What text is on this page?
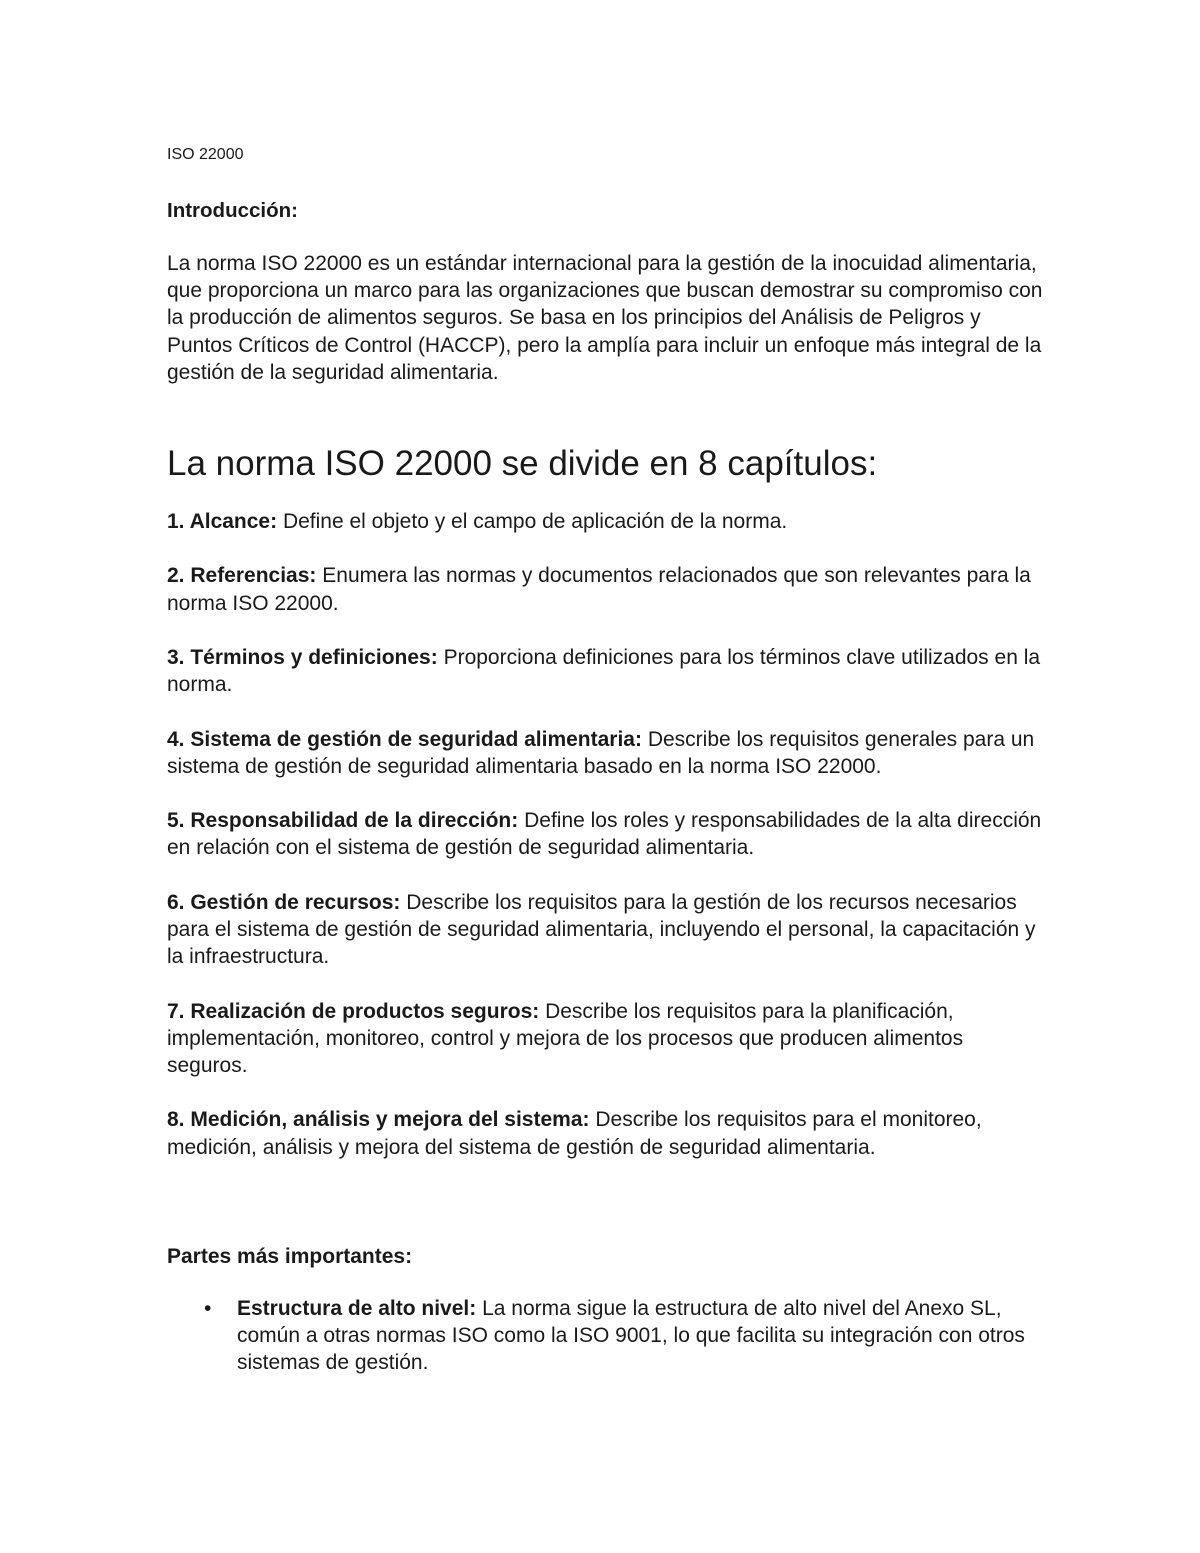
ISO 22000

Introducción:

La norma ISO 22000 es un estándar internacional para la gestión de la inocuidad alimentaria, que proporciona un marco para las organizaciones que buscan demostrar su compromiso con la producción de alimentos seguros. Se basa en los principios del Análisis de Peligros y Puntos Críticos de Control (HACCP), pero la amplía para incluir un enfoque más integral de la gestión de la seguridad alimentaria.

La norma ISO 22000 se divide en 8 capítulos:

1. Alcance: Define el objeto y el campo de aplicación de la norma.

2. Referencias: Enumera las normas y documentos relacionados que son relevantes para la norma ISO 22000.

3. Términos y definiciones: Proporciona definiciones para los términos clave utilizados en la norma.

4. Sistema de gestión de seguridad alimentaria: Describe los requisitos generales para un sistema de gestión de seguridad alimentaria basado en la norma ISO 22000.

5. Responsabilidad de la dirección: Define los roles y responsabilidades de la alta dirección en relación con el sistema de gestión de seguridad alimentaria.

6. Gestión de recursos: Describe los requisitos para la gestión de los recursos necesarios para el sistema de gestión de seguridad alimentaria, incluyendo el personal, la capacitación y la infraestructura.

7. Realización de productos seguros: Describe los requisitos para la planificación, implementación, monitoreo, control y mejora de los procesos que producen alimentos seguros.

8. Medición, análisis y mejora del sistema: Describe los requisitos para el monitoreo, medición, análisis y mejora del sistema de gestión de seguridad alimentaria.

Partes más importantes:
• Estructura de alto nivel: La norma sigue la estructura de alto nivel del Anexo SL, común a otras normas ISO como la ISO 9001, lo que facilita su integración con otros sistemas de gestión.
